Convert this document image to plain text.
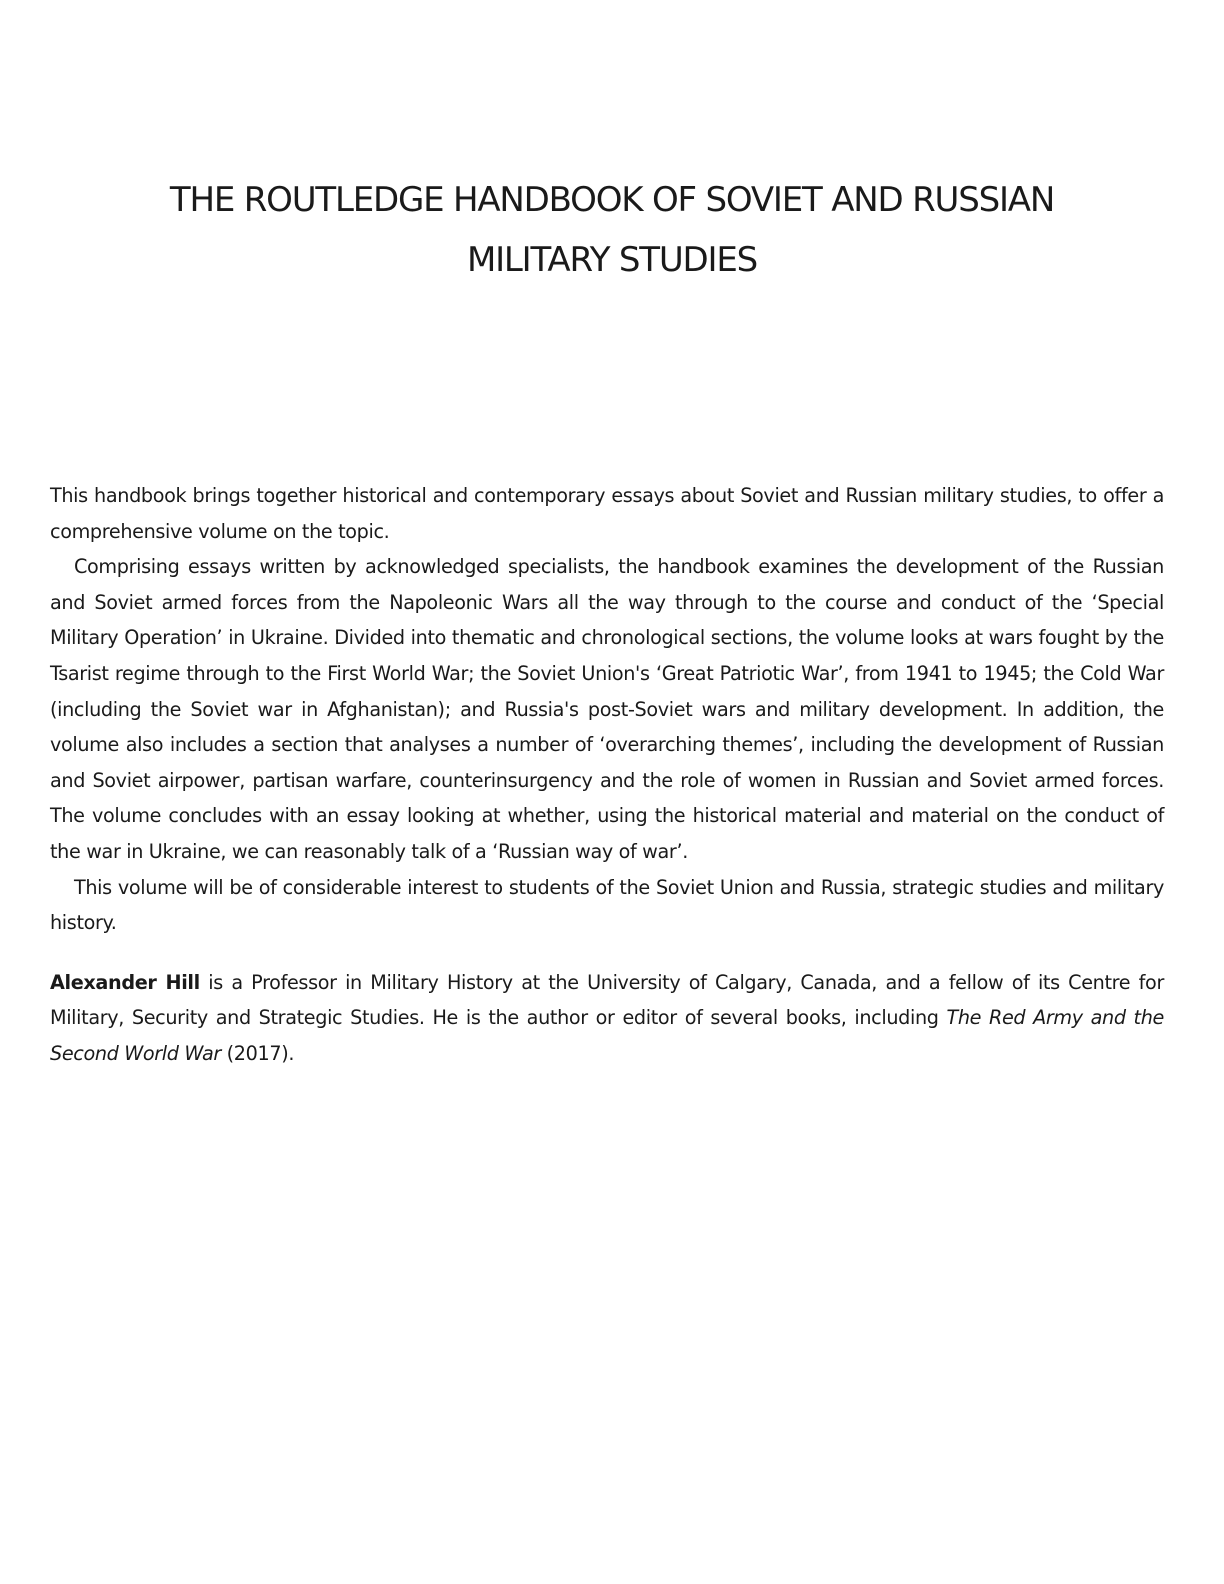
THE ROUTLEDGE HANDBOOK OF SOVIET AND RUSSIAN
MILITARY STUDIES

This handbook brings together historical and contemporary essays about Soviet and Russian military studies, to offer a comprehensive volume on the topic.

Comprising essays written by acknowledged specialists, the handbook examines the development of the Russian and Soviet armed forces from the Napoleonic Wars all the way through to the course and conduct of the ‘Special Military Operation’ in Ukraine. Divided into thematic and chronological sections, the volume looks at wars fought by the Tsarist regime through to the First World War; the Soviet Union's ‘Great Patriotic War’, from 1941 to 1945; the Cold War (including the Soviet war in Afghanistan); and Russia's post-Soviet wars and military development. In addition, the volume also includes a section that analyses a number of ‘overarching themes’, including the development of Russian and Soviet airpower, partisan warfare, counterinsurgency and the role of women in Russian and Soviet armed forces. The volume concludes with an essay looking at whether, using the historical material and material on the conduct of the war in Ukraine, we can reasonably talk of a ‘Russian way of war’.

This volume will be of considerable interest to students of the Soviet Union and Russia, strategic studies and military history.

Alexander Hill is a Professor in Military History at the University of Calgary, Canada, and a fellow of its Centre for Military, Security and Strategic Studies. He is the author or editor of several books, including The Red Army and the Second World War (2017).
